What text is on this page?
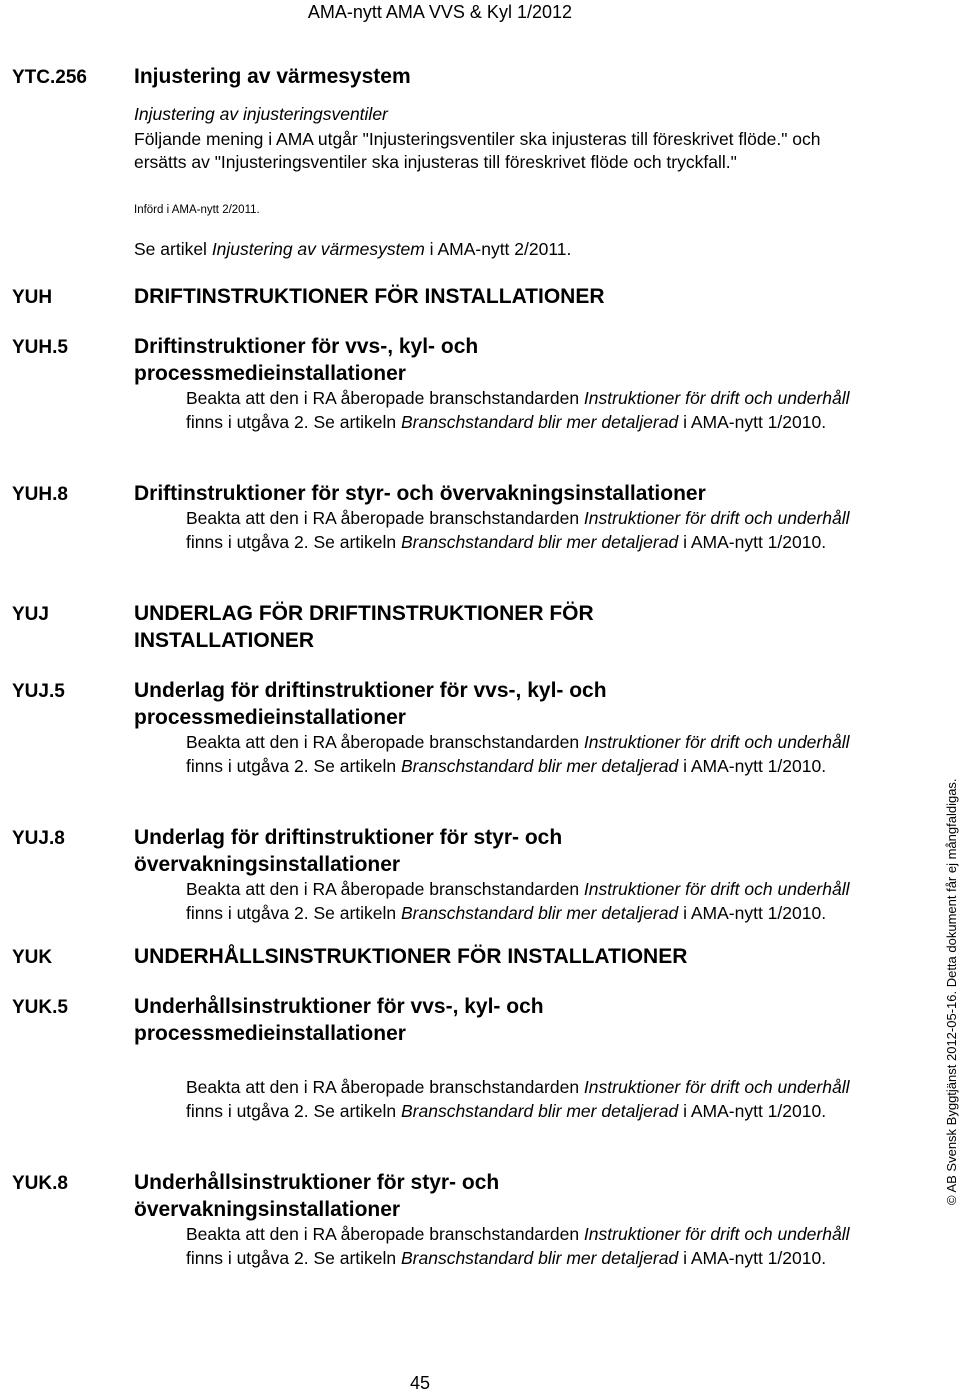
AMA-nytt AMA VVS & Kyl 1/2012
YTC.256 Injustering av värmesystem
Injustering av injusteringsventiler
Följande mening i AMA utgår "Injusteringsventiler ska injusteras till föreskrivet flöde." och ersätts av "Injusteringsventiler ska injusteras till föreskrivet flöde och tryckfall."
Införd i AMA-nytt 2/2011.
Se artikel Injustering av värmesystem i AMA-nytt 2/2011.
YUH	DRIFTINSTRUKTIONER FÖR INSTALLATIONER
YUH.5	Driftinstruktioner för vvs-, kyl- och processmedieinstallationer
Beakta att den i RA åberopade branschstandarden Instruktioner för drift och underhåll finns i utgåva 2. Se artikeln Branschstandard blir mer detaljerad i AMA-nytt 1/2010.
YUH.8	Driftinstruktioner för styr- och övervakningsinstallationer
Beakta att den i RA åberopade branschstandarden Instruktioner för drift och underhåll finns i utgåva 2. Se artikeln Branschstandard blir mer detaljerad i AMA-nytt 1/2010.
YUJ	UNDERLAG FÖR DRIFTINSTRUKTIONER FÖR INSTALLATIONER
YUJ.5	Underlag för driftinstruktioner för vvs-, kyl- och processmedieinstallationer
Beakta att den i RA åberopade branschstandarden Instruktioner för drift och underhåll finns i utgåva 2. Se artikeln Branschstandard blir mer detaljerad i AMA-nytt 1/2010.
YUJ.8	Underlag för driftinstruktioner för styr- och övervakningsinstallationer
Beakta att den i RA åberopade branschstandarden Instruktioner för drift och underhåll finns i utgåva 2. Se artikeln Branschstandard blir mer detaljerad i AMA-nytt 1/2010.
YUK	UNDERHÅLLSINSTRUKTIONER FÖR INSTALLATIONER
YUK.5	Underhållsinstruktioner för vvs-, kyl- och processmedieinstallationer
Beakta att den i RA åberopade branschstandarden Instruktioner för drift och underhåll finns i utgåva 2. Se artikeln Branschstandard blir mer detaljerad i AMA-nytt 1/2010.
YUK.8	Underhållsinstruktioner för styr- och övervakningsinstallationer
Beakta att den i RA åberopade branschstandarden Instruktioner för drift och underhåll finns i utgåva 2. Se artikeln Branschstandard blir mer detaljerad i AMA-nytt 1/2010.
45
© AB Svensk Byggtjänst 2012-05-16. Detta dokument får ej mångfaldigas.
